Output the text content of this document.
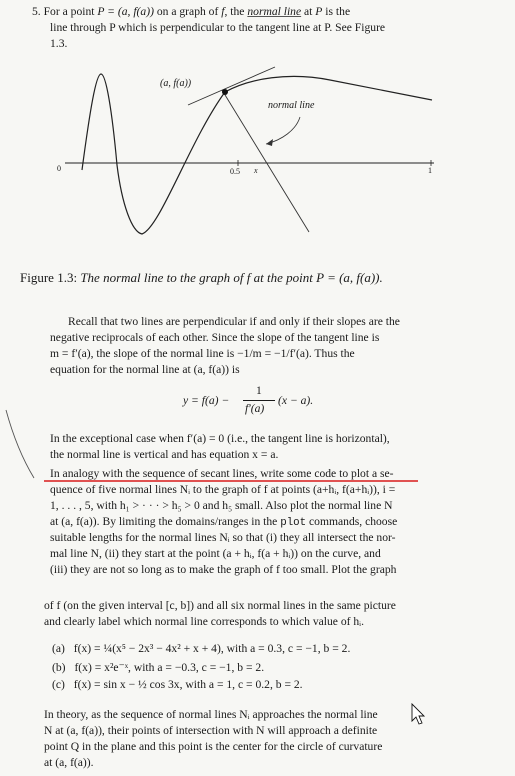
5. For a point P = (a, f(a)) on a graph of f, the normal line at P is the
line through P which is perpendicular to the tangent line at P. See Figure
1.3.
(a, f(a))
normal line
0	0.5 x	1
Figure 1.3: The normal line to the graph of f at the point P = (a, f(a)).
Recall that two lines are perpendicular if and only if their slopes are the
negative reciprocals of each other. Since the slope of the tangent line is
m = f′(a), the slope of the normal line is −1/m = −1/f′(a). Thus the
equation for the normal line at (a, f(a)) is
y = f(a) −
1
f′(a)
(x − a).
In the exceptional case when f′(a) = 0 (i.e., the tangent line is horizontal),
the normal line is vertical and has equation x = a.
In analogy with the sequence of secant lines, write some code to plot a se-
quence of five normal lines Nᵢ to the graph of f at points (a+hᵢ, f(a+hᵢ)), i =
1, . . . , 5, with h₁ > · · · > h₅ > 0 and h₅ small. Also plot the normal line N
at (a, f(a)). By limiting the domains/ranges in the plot commands, choose
suitable lengths for the normal lines Nᵢ so that (i) they all intersect the nor-
mal line N, (ii) they start at the point (a + hᵢ, f(a + hᵢ)) on the curve, and
(iii) they are not so long as to make the graph of f too small. Plot the graph
of f (on the given interval [c, b]) and all six normal lines in the same picture
and clearly label which normal line corresponds to which value of hᵢ.
(a) f(x) = ¼(x⁵ − 2x³ − 4x² + x + 4), with a = 0.3, c = −1, b = 2.
(b) f(x) = x²e⁻ˣ, with a = −0.3, c = −1, b = 2.
(c) f(x) = sin x − ½ cos 3x, with a = 1, c = 0.2, b = 2.
In theory, as the sequence of normal lines Nᵢ approaches the normal line
N at (a, f(a)), their points of intersection with N will approach a definite
point Q in the plane and this point is the center for the circle of curvature
at (a, f(a)).
